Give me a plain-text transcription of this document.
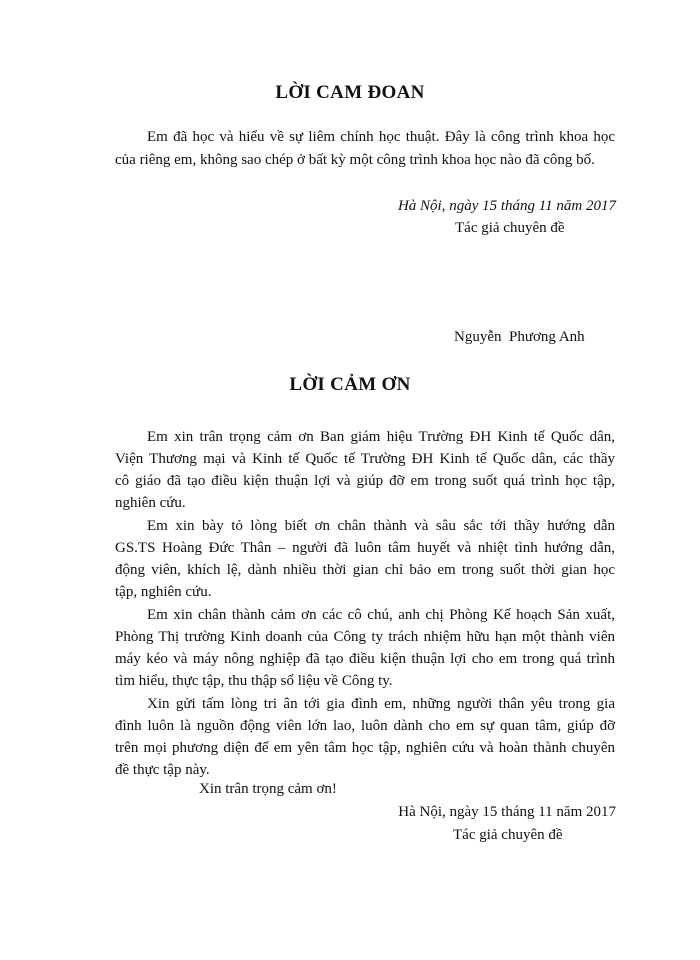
LỜI CAM ĐOAN
Em đã học và hiểu về sự liêm chính học thuật. Đây là công trình khoa học
của riêng em, không sao chép ở bất kỳ một công trình khoa học nào đã công bố.
Hà Nội, ngày 15 tháng 11 năm 2017
Tác giả chuyên đề
Nguyễn  Phương Anh
LỜI CẢM ƠN
Em xin trân trọng cảm ơn Ban giám hiệu Trường ĐH Kinh tế Quốc dân,
Viện Thương mại và Kinh tế Quốc tế Trường ĐH Kinh tế Quốc dân, các thầy
cô giáo đã tạo điều kiện thuận lợi và giúp đỡ em trong suốt quá trình học tập,
nghiên cứu.
Em xin bày tỏ lòng biết ơn chân thành và sâu sắc tới thầy hướng dẫn
GS.TS Hoàng Đức Thân – người đã luôn tâm huyết và nhiệt tình hướng dẫn,
động viên, khích lệ, dành nhiều thời gian chỉ bảo em trong suốt thời gian học
tập, nghiên cứu.
Em xin chân thành cảm ơn các cô chú, anh chị Phòng Kế hoạch Sản xuất,
Phòng Thị trường Kinh doanh của Công ty trách nhiệm hữu hạn một thành viên
máy kéo và máy nông nghiệp đã tạo điều kiện thuận lợi cho em trong quá trình
tìm hiểu, thực tập, thu thập số liệu về Công ty.
Xin gửi tấm lòng tri ân tới gia đình em, những người thân yêu trong gia
đình luôn là nguồn động viên lớn lao, luôn dành cho em sự quan tâm, giúp đỡ
trên mọi phương diện để em yên tâm học tập, nghiên cứu và hoàn thành chuyên
đề thực tập này.
Xin trân trọng cảm ơn!
Hà Nội, ngày 15 tháng 11 năm 2017
Tác giả chuyên đề
